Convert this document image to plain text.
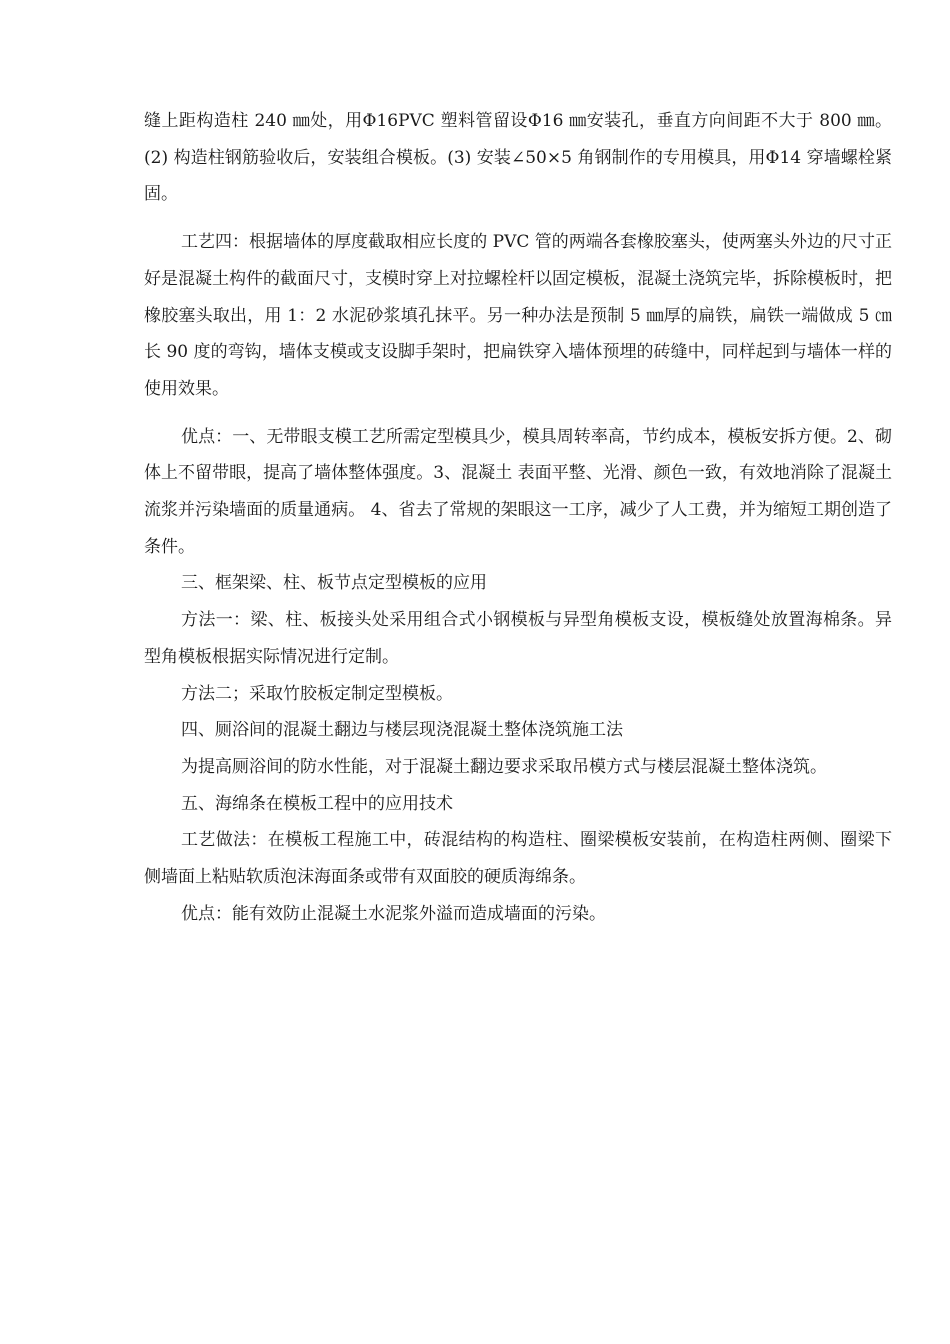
缝上距构造柱 240 ㎜处，用Φ16PVC 塑料管留设Φ16 ㎜安装孔，垂直方向间距不大于 800 ㎜。(2) 构造柱钢筋验收后，安装组合模板。(3) 安装∠50×5 角钢制作的专用模具，用Φ14 穿墙螺栓紧固。

工艺四：根据墙体的厚度截取相应长度的 PVC 管的两端各套橡胶塞头，使两塞头外边的尺寸正好是混凝土构件的截面尺寸，支模时穿上对拉螺栓杆以固定模板，混凝土浇筑完毕，拆除模板时，把橡胶塞头取出，用 1：2 水泥砂浆填孔抹平。另一种办法是预制 5 ㎜厚的扁铁，扁铁一端做成 5 ㎝长 90 度的弯钩，墙体支模或支设脚手架时，把扁铁穿入墙体预埋的砖缝中，同样起到与墙体一样的使用效果。

优点：一、无带眼支模工艺所需定型模具少，模具周转率高，节约成本，模板安拆方便。2、砌体上不留带眼，提高了墙体整体强度。3、混凝土 表面平整、光滑、颜色一致，有效地消除了混凝土流浆并污染墙面的质量通病。 4、省去了常规的架眼这一工序，减少了人工费，并为缩短工期创造了条件。

三、框架梁、柱、板节点定型模板的应用

方法一：梁、柱、板接头处采用组合式小钢模板与异型角模板支设，模板缝处放置海棉条。异型角模板根据实际情况进行定制。

方法二；采取竹胶板定制定型模板。

四、厕浴间的混凝土翻边与楼层现浇混凝土整体浇筑施工法

为提高厕浴间的防水性能，对于混凝土翻边要求采取吊模方式与楼层混凝土整体浇筑。

五、海绵条在模板工程中的应用技术

工艺做法：在模板工程施工中，砖混结构的构造柱、圈梁模板安装前，在构造柱两侧、圈梁下侧墙面上粘贴软质泡沫海面条或带有双面胶的硬质海绵条。

优点：能有效防止混凝土水泥浆外溢而造成墙面的污染。
